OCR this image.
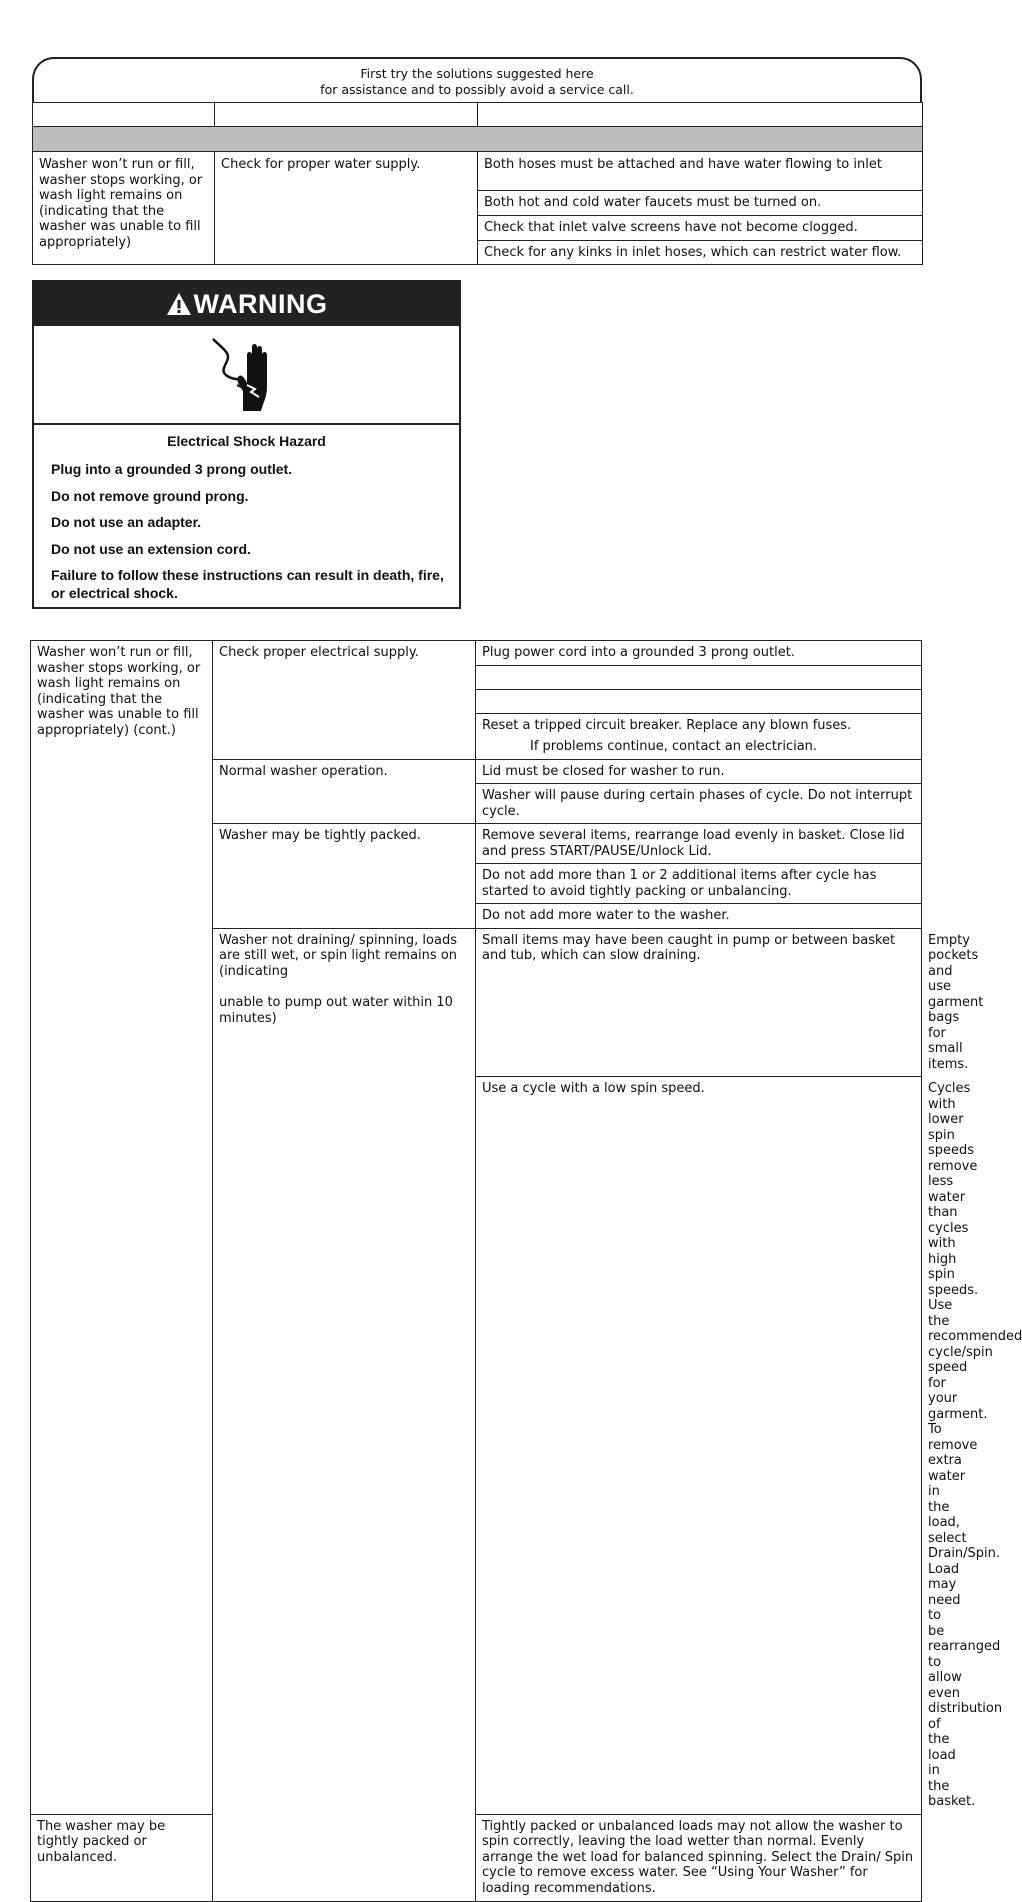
First try the solutions suggested here
for assistance and to possibly avoid a service call.

Washer won’t run or fill, washer stops working, or wash light remains on (indicating that the washer was unable to fill appropriately)	Check for proper water supply.	Both hoses must be attached and have water flowing to inlet
		Both hot and cold water faucets must be turned on.
		Check that inlet valve screens have not become clogged.
		Check for any kinks in inlet hoses, which can restrict water flow.
WARNING
Electrical Shock Hazard
Plug into a grounded 3 prong outlet.
Do not remove ground prong.
Do not use an adapter.
Do not use an extension cord.
Failure to follow these instructions can result in death, fire, or electrical shock.
Washer won’t run or fill, washer stops working, or wash light remains on (indicating that the washer was unable to fill appropriately) (cont.)	Check proper electrical supply.	Plug power cord into a grounded 3 prong outlet.	

		Reset a tripped circuit breaker. Replace any blown fuses.
If problems continue, contact an electrician.	

	Normal washer operation.	Lid must be closed for washer to run.	
		Washer will pause during certain phases of cycle. Do not interrupt cycle.	
	Washer may be tightly packed.	Remove several items, rearrange load evenly in basket. Close lid and press START/PAUSE/Unlock Lid.	
		Do not add more than 1 or 2 additional items after cycle has started to avoid tightly packing or unbalancing.	
		Do not add more water to the washer.	

	Washer not draining/ spinning, loads are still wet, or spin light remains on (indicating
unable to pump out water within 10 minutes)	Small items may have been caught in pump or between basket and tub, which can slow draining.	Empty pockets and use garment bags for small items.
		Use a cycle with a low spin speed.	Cycles with lower spin speeds remove less water than cycles with high spin speeds. Use the recommended cycle/spin speed for your garment. To remove extra water in the load, select Drain/Spin. Load may need to be rearranged to allow even distribution of the load in the basket.
The washer may be tightly packed or unbalanced.		Tightly packed or unbalanced loads may not allow the washer to spin correctly, leaving the load wetter than normal. Evenly arrange the wet load for balanced spinning. Select the Drain/ Spin cycle to remove excess water. See “Using Your Washer” for loading recommendations.	
